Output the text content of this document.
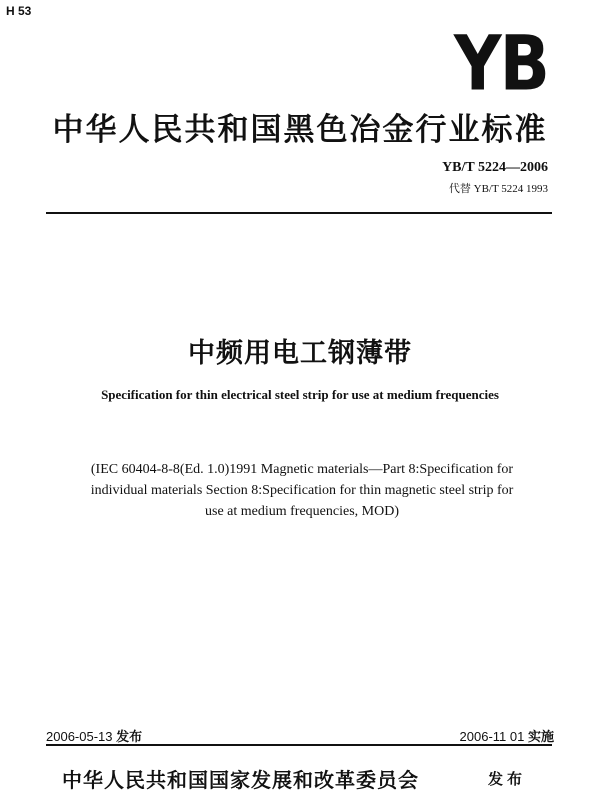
H 53
YB
中华人民共和国黑色冶金行业标准
YB/T 5224—2006
代替 YB/T 5224 1993
中频用电工钢薄带
Specification for thin electrical steel strip for use at medium frequencies
(IEC 60404-8-8(Ed. 1.0)1991 Magnetic materials—Part 8:Specification for
individual materials Section 8:Specification for thin magnetic steel strip for
use at medium frequencies, MOD)
2006-05-13 发布	2006-11 01 实施
中华人民共和国国家发展和改革委员会	发布
